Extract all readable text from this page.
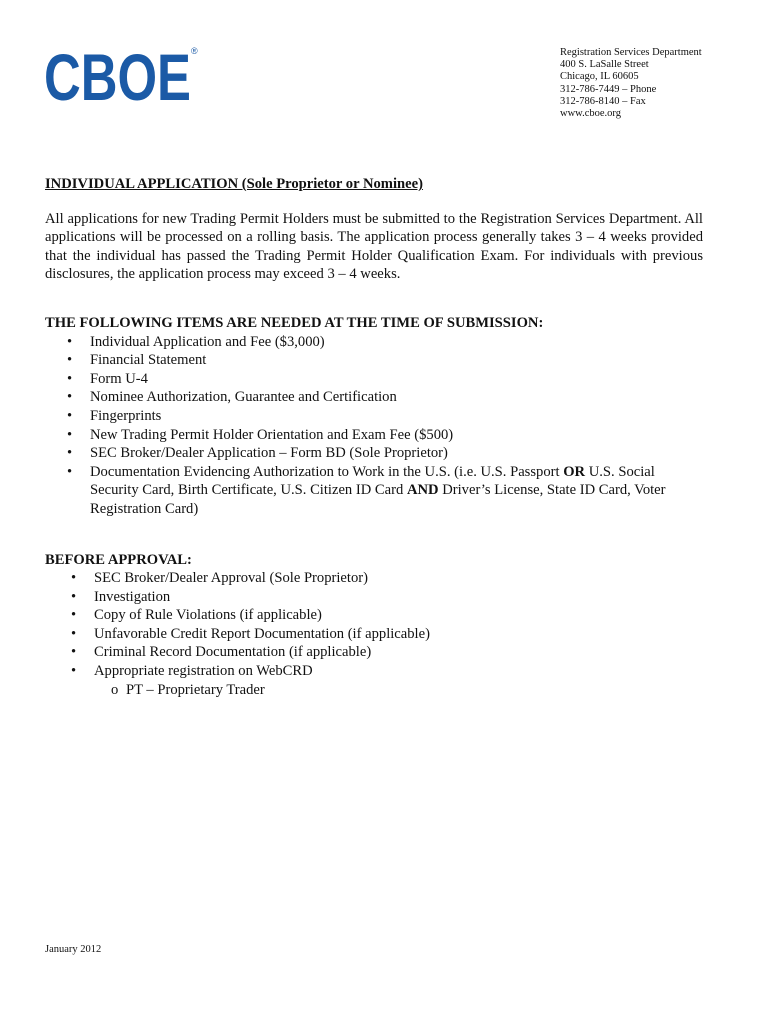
CBOE ®	Registration Services Department
400 S. LaSalle Street
Chicago, IL 60605
312-786-7449 – Phone
312-786-8140 – Fax
www.cboe.org

INDIVIDUAL APPLICATION (Sole Proprietor or Nominee)

All applications for new Trading Permit Holders must be submitted to the Registration Services Department. All applications will be processed on a rolling basis. The application process generally takes 3 – 4 weeks provided that the individual has passed the Trading Permit Holder Qualification Exam. For individuals with previous disclosures, the application process may exceed 3 – 4 weeks.

THE FOLLOWING ITEMS ARE NEEDED AT THE TIME OF SUBMISSION:

• Individual Application and Fee ($3,000)
• Financial Statement
• Form U-4
• Nominee Authorization, Guarantee and Certification
• Fingerprints
• New Trading Permit Holder Orientation and Exam Fee ($500)
• SEC Broker/Dealer Application – Form BD (Sole Proprietor)
• Documentation Evidencing Authorization to Work in the U.S. (i.e. U.S. Passport OR U.S. Social Security Card, Birth Certificate, U.S. Citizen ID Card AND Driver’s License, State ID Card, Voter Registration Card)

BEFORE APPROVAL:

• SEC Broker/Dealer Approval (Sole Proprietor)
• Investigation
• Copy of Rule Violations (if applicable)
• Unfavorable Credit Report Documentation (if applicable)
• Criminal Record Documentation (if applicable)
• Appropriate registration on WebCRD
o PT – Proprietary Trader
January 2012
